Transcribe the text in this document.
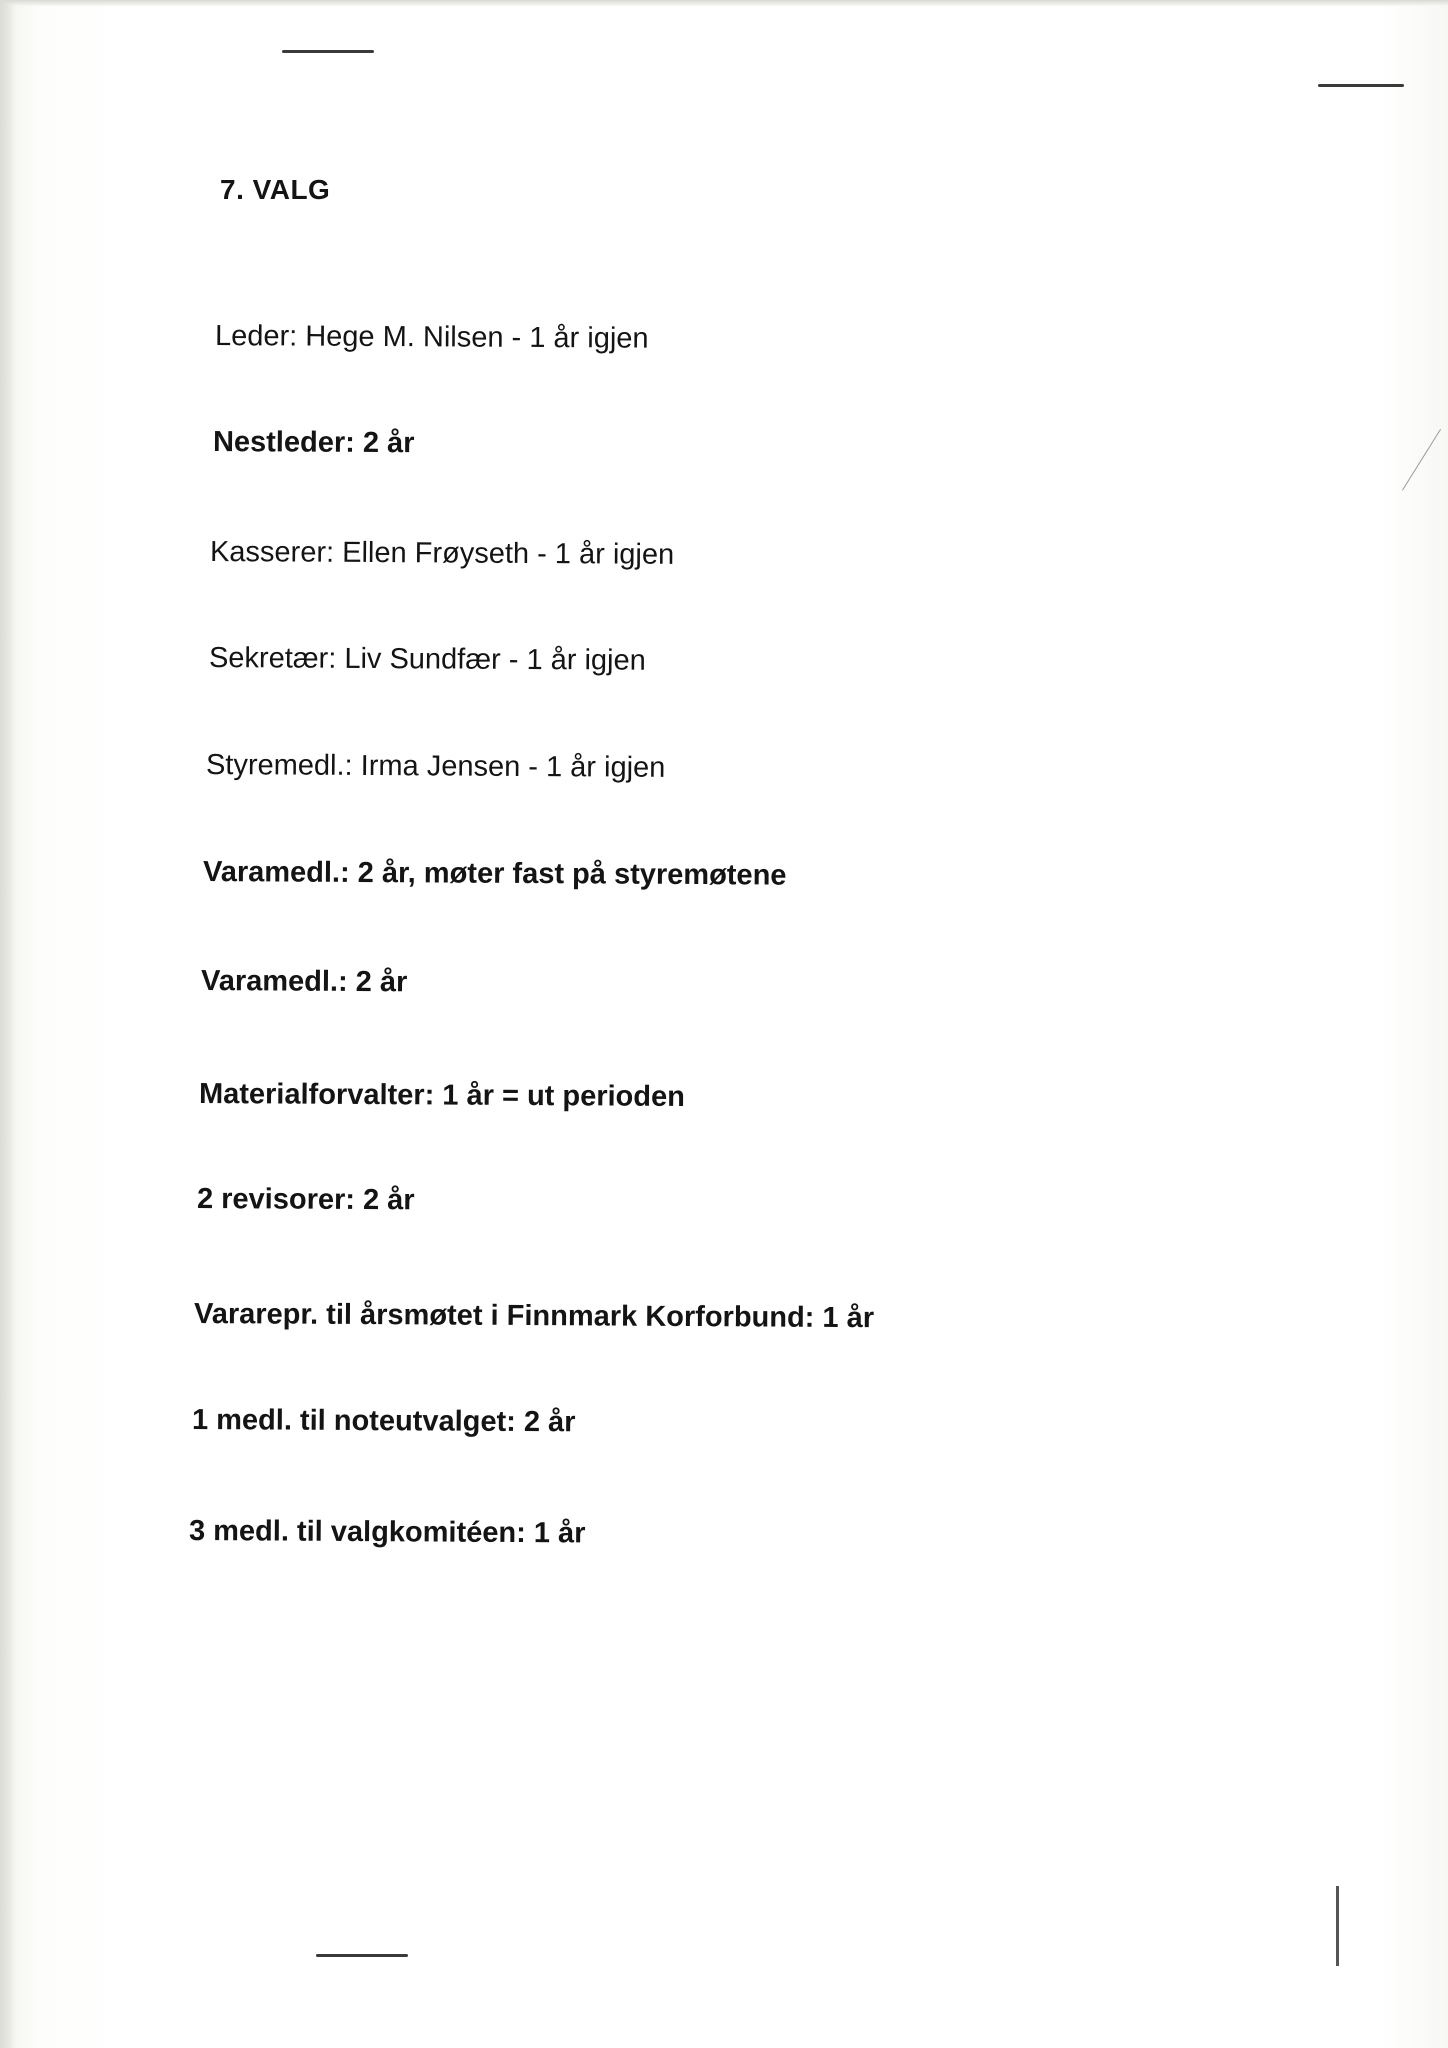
7. VALG
Leder: Hege M. Nilsen - 1 år igjen
Nestleder: 2 år
Kasserer: Ellen Frøyseth - 1 år igjen
Sekretær: Liv Sundfær - 1 år igjen
Styremedl.: Irma Jensen - 1 år igjen
Varamedl.: 2 år, møter fast på styremøtene
Varamedl.: 2 år
Materialforvalter: 1 år = ut perioden
2 revisorer: 2 år
Vararepr. til årsmøtet i Finnmark Korforbund: 1 år
1 medl. til noteutvalget: 2 år
3 medl. til valgkomitéen: 1 år
